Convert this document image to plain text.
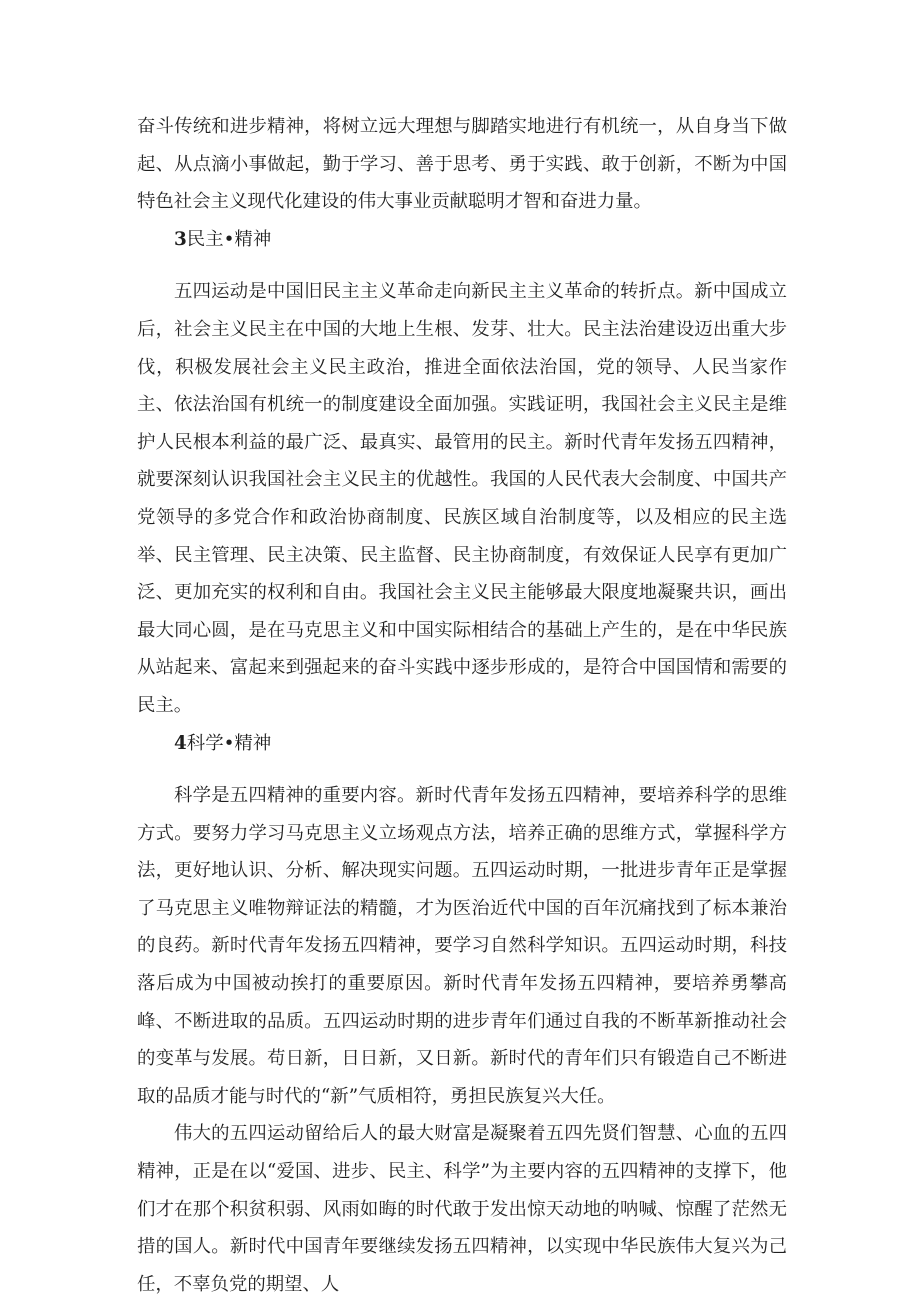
奋斗传统和进步精神，将树立远大理想与脚踏实地进行有机统一，从自身当下做起、从点滴小事做起，勤于学习、善于思考、勇于实践、敢于创新，不断为中国特色社会主义现代化建设的伟大事业贡献聪明才智和奋进力量。

3民主•精神

五四运动是中国旧民主主义革命走向新民主主义革命的转折点。新中国成立后，社会主义民主在中国的大地上生根、发芽、壮大。民主法治建设迈出重大步伐，积极发展社会主义民主政治，推进全面依法治国，党的领导、人民当家作主、依法治国有机统一的制度建设全面加强。实践证明，我国社会主义民主是维护人民根本利益的最广泛、最真实、最管用的民主。新时代青年发扬五四精神，就要深刻认识我国社会主义民主的优越性。我国的人民代表大会制度、中国共产党领导的多党合作和政治协商制度、民族区域自治制度等，以及相应的民主选举、民主管理、民主决策、民主监督、民主协商制度，有效保证人民享有更加广泛、更加充实的权利和自由。我国社会主义民主能够最大限度地凝聚共识，画出最大同心圆，是在马克思主义和中国实际相结合的基础上产生的，是在中华民族从站起来、富起来到强起来的奋斗实践中逐步形成的，是符合中国国情和需要的民主。

4科学•精神

科学是五四精神的重要内容。新时代青年发扬五四精神，要培养科学的思维方式。要努力学习马克思主义立场观点方法，培养正确的思维方式，掌握科学方法，更好地认识、分析、解决现实问题。五四运动时期，一批进步青年正是掌握了马克思主义唯物辩证法的精髓，才为医治近代中国的百年沉痛找到了标本兼治的良药。新时代青年发扬五四精神，要学习自然科学知识。五四运动时期，科技落后成为中国被动挨打的重要原因。新时代青年发扬五四精神，要培养勇攀高峰、不断进取的品质。五四运动时期的进步青年们通过自我的不断革新推动社会的变革与发展。苟日新，日日新，又日新。新时代的青年们只有锻造自己不断进取的品质才能与时代的“新”气质相符，勇担民族复兴大任。

伟大的五四运动留给后人的最大财富是凝聚着五四先贤们智慧、心血的五四精神，正是在以“爱国、进步、民主、科学”为主要内容的五四精神的支撑下，他们才在那个积贫积弱、风雨如晦的时代敢于发出惊天动地的呐喊、惊醒了茫然无措的国人。新时代中国青年要继续发扬五四精神，以实现中华民族伟大复兴为己任，不辜负党的期望、人
